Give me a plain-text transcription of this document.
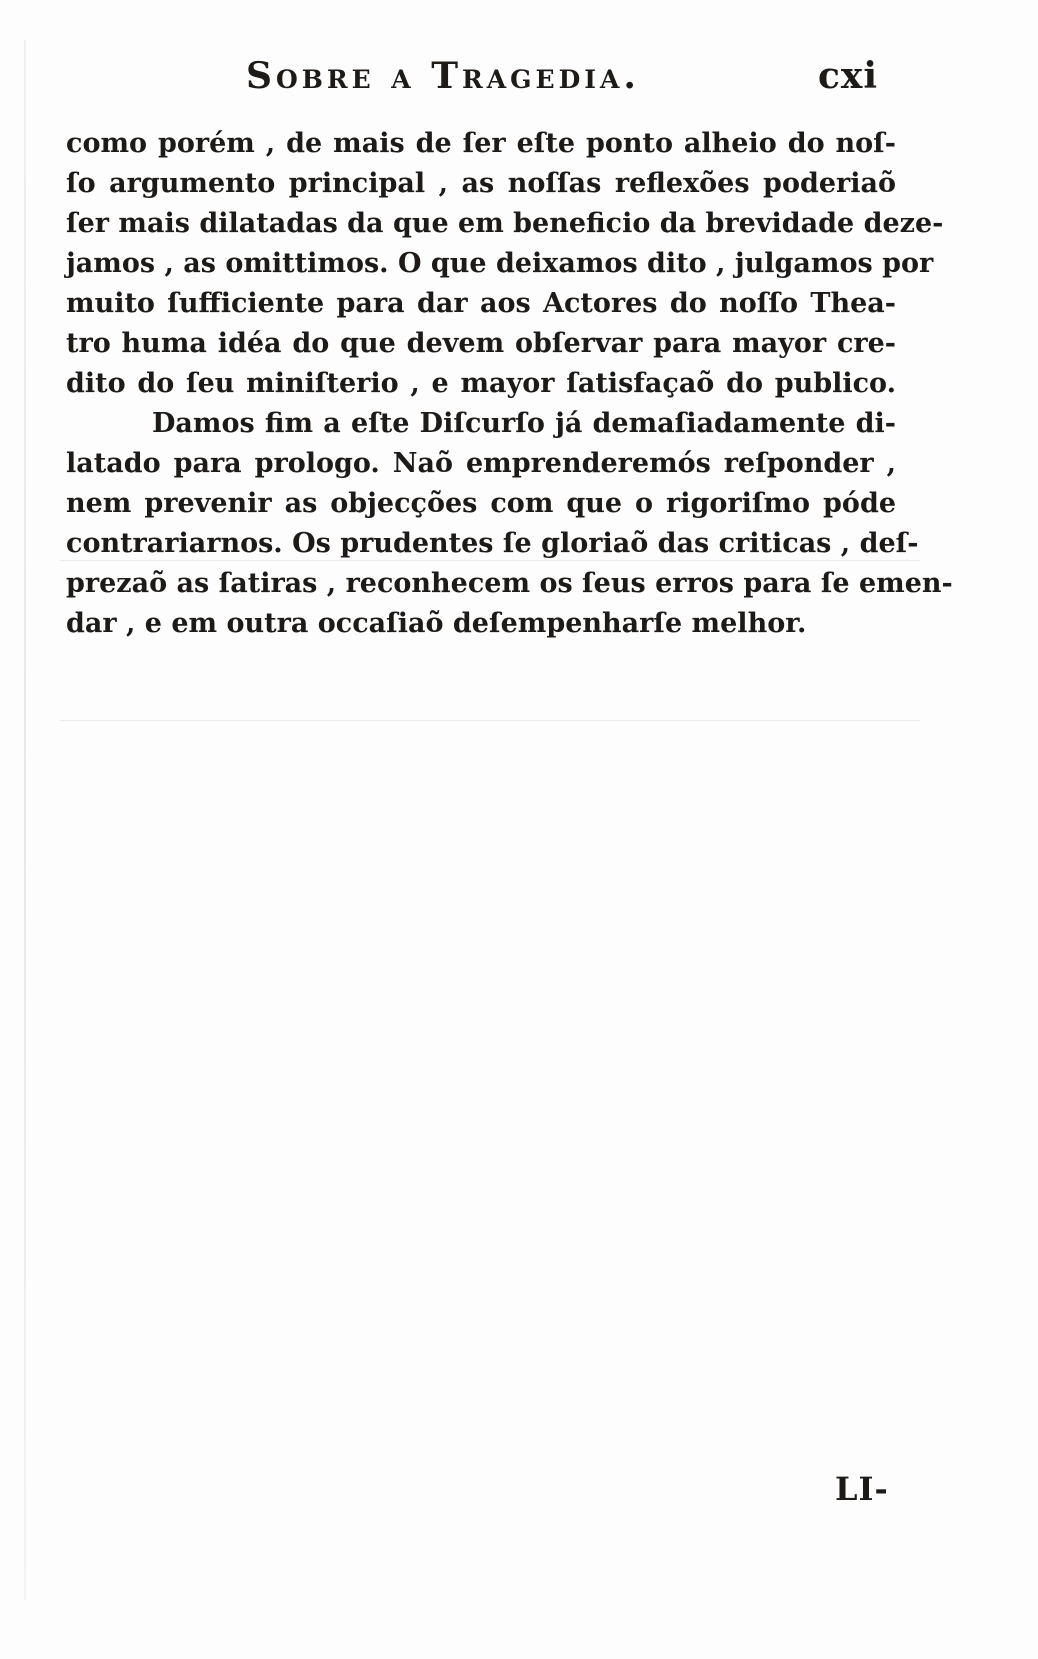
Sobre a Tragedia.	cxi
como porém , de mais de ſer eſte ponto alheio do noſ-
ſo argumento principal , as noſſas reflexões poderiaõ
ſer mais dilatadas da que em beneficio da brevidade deze-
jamos , as omittimos. O que deixamos dito , julgamos por
muito ſufficiente para dar aos Actores do noſſo Thea-
tro huma idéa do que devem obſervar para mayor cre-
dito do ſeu miniſterio , e mayor ſatisfaçaõ do publico.
Damos fim a eſte Diſcurſo já demaſiadamente di-
latado para prologo. Naõ emprenderemós reſponder ,
nem prevenir as objecções com que o rigoriſmo póde
contrariarnos. Os prudentes ſe gloriaõ das criticas , deſ-
prezaõ as ſatiras , reconhecem os ſeus erros para ſe emen-
dar , e em outra occaſiaõ deſempenharſe melhor.
LI-
